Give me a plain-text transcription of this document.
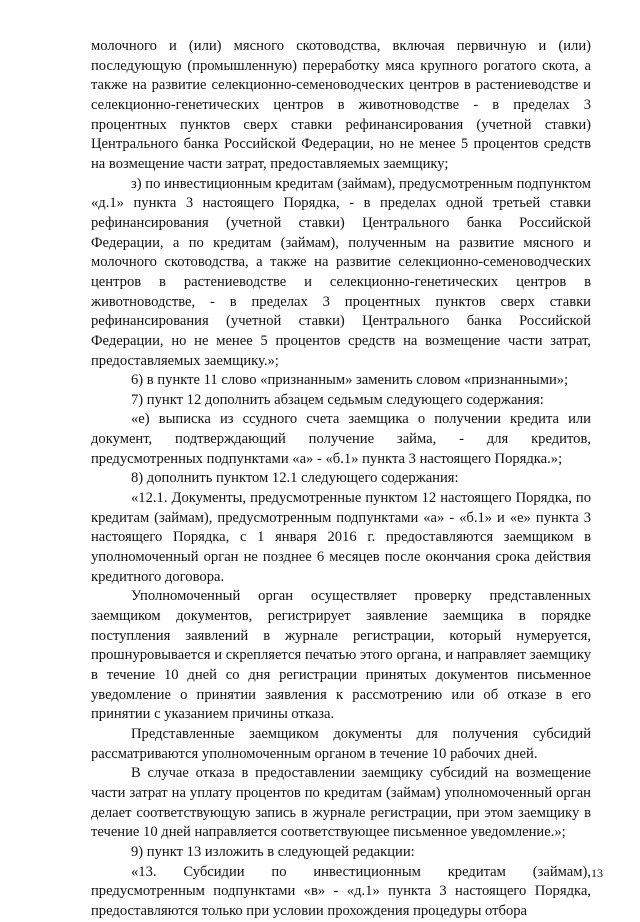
молочного и (или) мясного скотоводства, включая первичную и (или) последующую (промышленную) переработку мяса крупного рогатого скота, а также на развитие селекционно-семеноводческих центров в растениеводстве и селекционно-генетических центров в животноводстве - в пределах 3 процентных пунктов сверх ставки рефинансирования (учетной ставки) Центрального банка Российской Федерации, но не менее 5 процентов средств на возмещение части затрат, предоставляемых заемщику;

з) по инвестиционным кредитам (займам), предусмотренным подпунктом «д.1» пункта 3 настоящего Порядка, - в пределах одной третьей ставки рефинансирования (учетной ставки) Центрального банка Российской Федерации, а по кредитам (займам), полученным на развитие мясного и молочного скотоводства, а также на развитие селекционно-семеноводческих центров в растениеводстве и селекционно-генетических центров в животноводстве, - в пределах 3 процентных пунктов сверх ставки рефинансирования (учетной ставки) Центрального банка Российской Федерации, но не менее 5 процентов средств на возмещение части затрат, предоставляемых заемщику.»;

6) в пункте 11 слово «признанным» заменить словом «признанными»;

7) пункт 12 дополнить абзацем седьмым следующего содержания:

«е) выписка из ссудного счета заемщика о получении кредита или документ, подтверждающий получение займа, - для кредитов, предусмотренных подпунктами «а» - «б.1» пункта 3 настоящего Порядка.»;

8) дополнить пунктом 12.1 следующего содержания:

«12.1. Документы, предусмотренные пунктом 12 настоящего Порядка, по кредитам (займам), предусмотренным подпунктами «а» - «б.1» и «е» пункта 3 настоящего Порядка, с 1 января 2016 г. предоставляются заемщиком в уполномоченный орган не позднее 6 месяцев после окончания срока действия кредитного договора.

Уполномоченный орган осуществляет проверку представленных заемщиком документов, регистрирует заявление заемщика в порядке поступления заявлений в журнале регистрации, который нумеруется, прошнуровывается и скрепляется печатью этого органа, и направляет заемщику в течение 10 дней со дня регистрации принятых документов письменное уведомление о принятии заявления к рассмотрению или об отказе в его принятии с указанием причины отказа.

Представленные заемщиком документы для получения субсидий рассматриваются уполномоченным органом в течение 10 рабочих дней.

В случае отказа в предоставлении заемщику субсидий на возмещение части затрат на уплату процентов по кредитам (займам) уполномоченный орган делает соответствующую запись в журнале регистрации, при этом заемщику в течение 10 дней направляется соответствующее письменное уведомление.»;

9) пункт 13 изложить в следующей редакции:

«13. Субсидии по инвестиционным кредитам (займам), предусмотренным подпунктами «в» - «д.1» пункта 3 настоящего Порядка, предоставляются только при условии прохождения процедуры отбора

13
